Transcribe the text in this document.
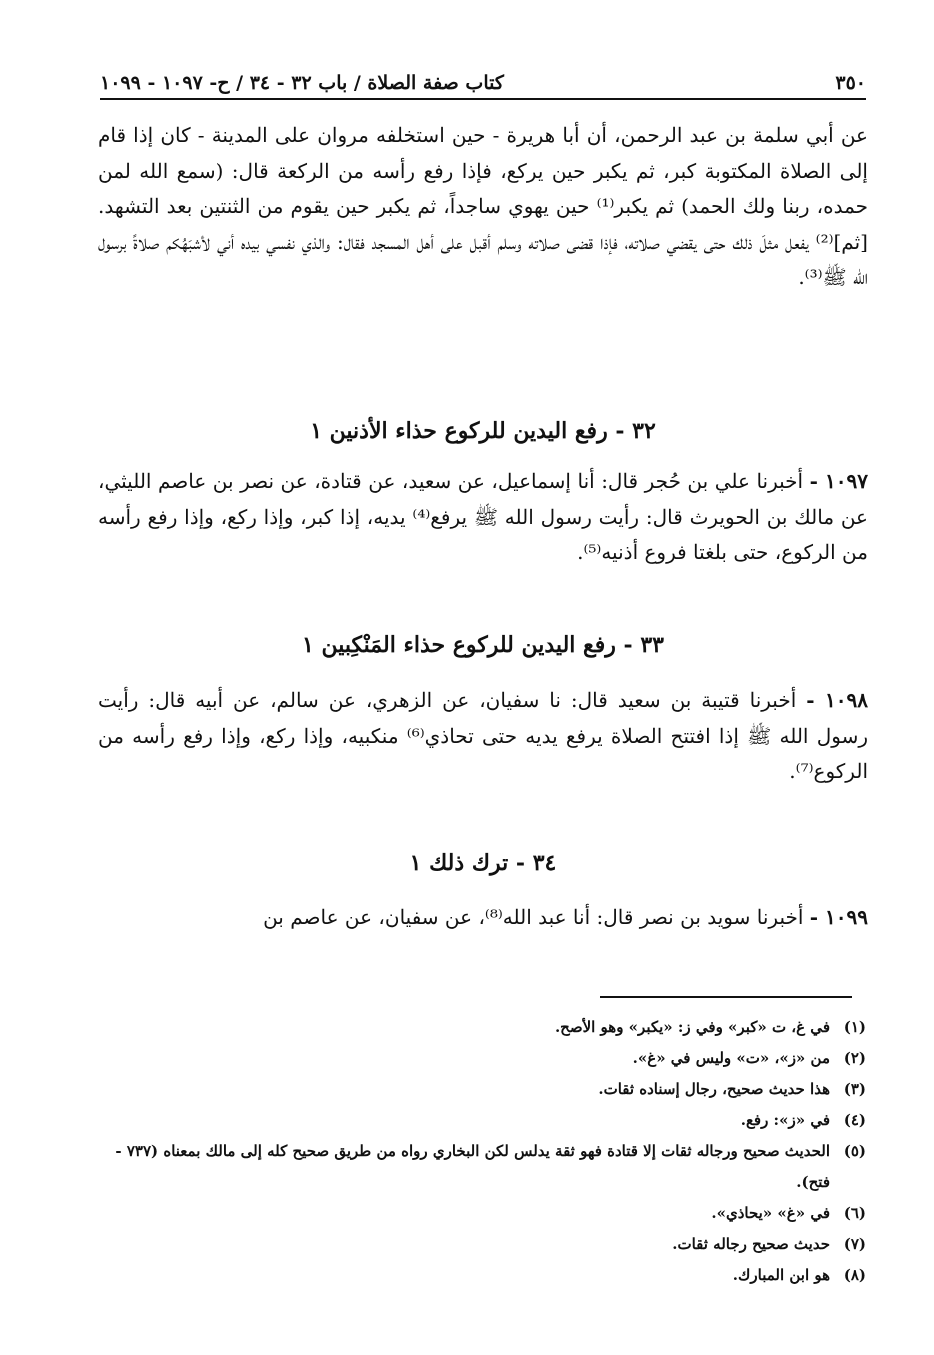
٣٥٠
كتاب صفة الصلاة / باب ٣٢ - ٣٤ / ح- ١٠٩٧ - ١٠٩٩
عن أبي سلمة بن عبد الرحمن، أن أبا هريرة - حين استخلفه مروان على المدينة - كان إذا قام إلى الصلاة المكتوبة كبر، ثم يكبر حين يركع، فإذا رفع رأسه من الركعة قال: (سمع الله لمن حمده، ربنا ولك الحمد) ثم يكبر⁽¹⁾ حين يهوي ساجداً، ثم يكبر حين يقوم من الثنتين بعد التشهد. [ثم]⁽²⁾ يفعل مثلَ ذلك حتى يقضي صلاته، فإذا قضى صلاته وسلم أقبل على أهل المسجد فقال: والذي نفسي بيده أني لأشبَهُكم صلاةً برسول الله ﷺ⁽³⁾.
٣٢ - رفع اليدين للركوع حذاء الأذنين ١
١٠٩٧ - أخبرنا علي بن حُجر قال: أنا إسماعيل، عن سعيد، عن قتادة، عن نصر بن عاصم الليثي، عن مالك بن الحويرث قال: رأيت رسول الله ﷺ يرفع⁽⁴⁾ يديه، إذا كبر، وإذا ركع، وإذا رفع رأسه من الركوع، حتى بلغتا فروع أذنيه⁽⁵⁾.
٣٣ - رفع اليدين للركوع حذاء المَنْكِبين ١
١٠٩٨ - أخبرنا قتيبة بن سعيد قال: نا سفيان، عن الزهري، عن سالم، عن أبيه قال: رأيت رسول الله ﷺ إذا افتتح الصلاة يرفع يديه حتى تحاذي⁽⁶⁾ منكبيه، وإذا ركع، وإذا رفع رأسه من الركوع⁽⁷⁾.
٣٤ - ترك ذلك ١
١٠٩٩ - أخبرنا سويد بن نصر قال: أنا عبد الله⁽⁸⁾، عن سفيان، عن عاصم بن
(١)
في غ، ت «كبر» وفي ز: «يكبر» وهو الأصح.
(٢)
من «ز»، «ت» وليس في «غ».
(٣)
هذا حديث صحيح، رجال إسناده ثقات.
(٤)
في «ز»: رفع.
(٥)
الحديث صحيح ورجاله ثقات إلا قتادة فهو ثقة يدلس لكن البخاري رواه من طريق صحيح كله إلى مالك بمعناه (٧٣٧ - فتح).
(٦)
في «غ» «يحاذي».
(٧)
حديث صحيح رجاله ثقات.
(٨)
هو ابن المبارك.
